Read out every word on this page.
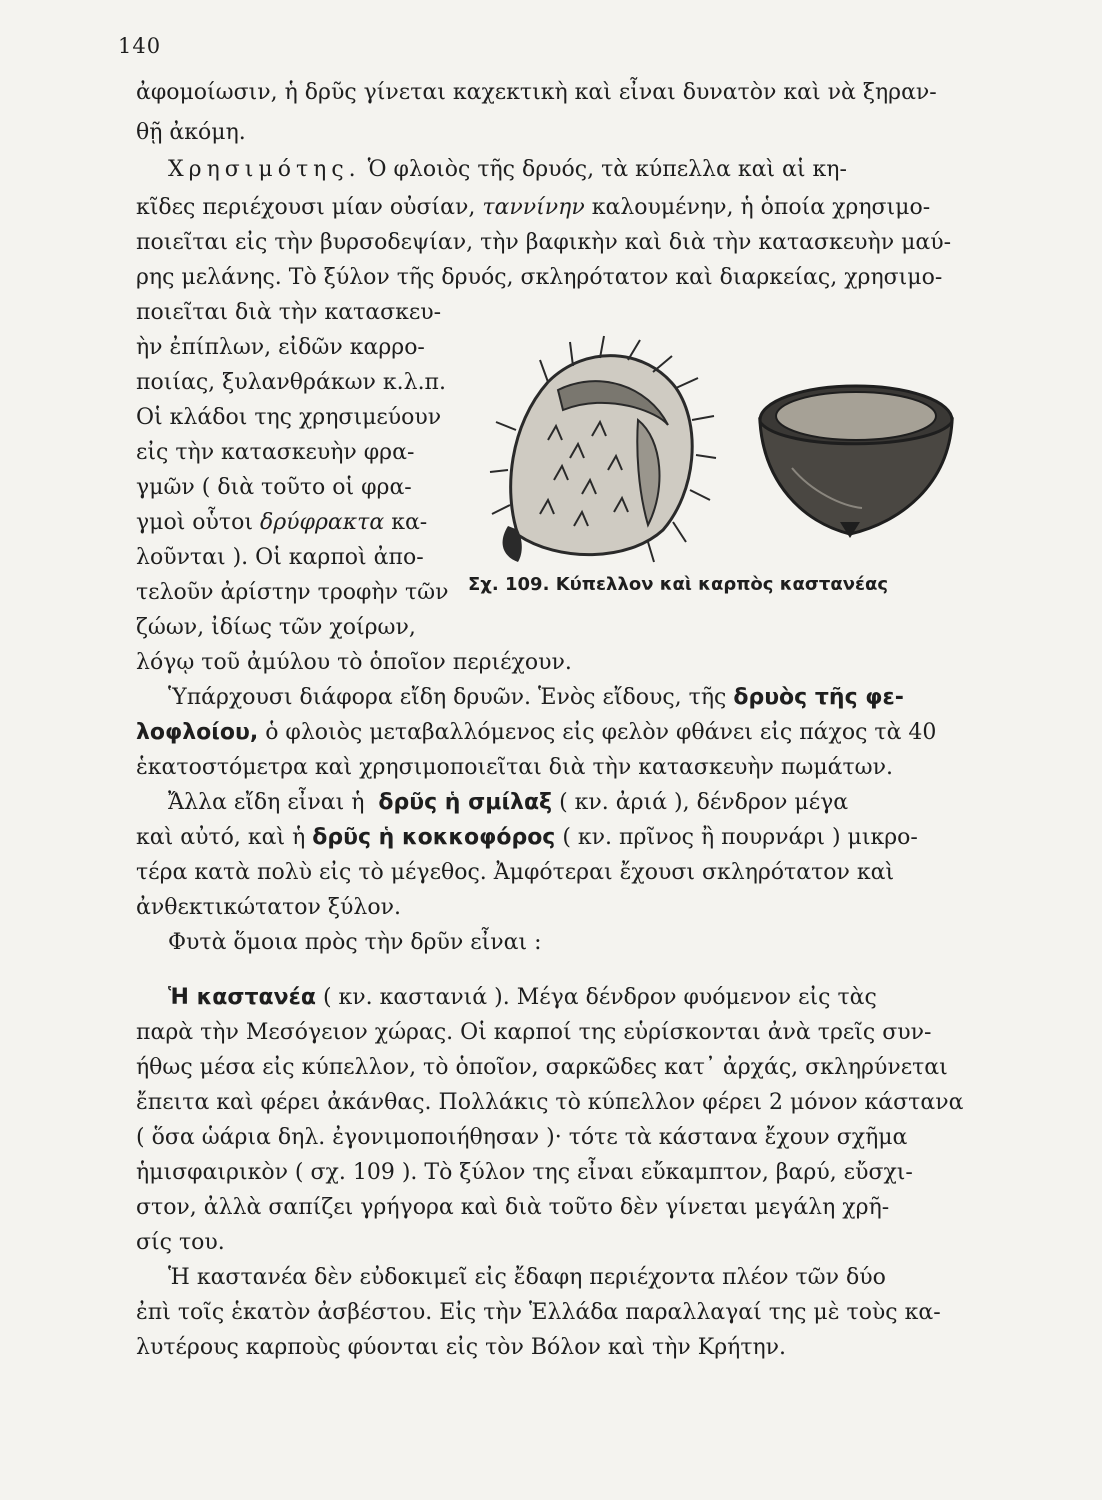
140
ἀφομοίωσιν, ἡ δρῦς γίνεται καχεκτικὴ καὶ εἶναι δυνατὸν καὶ νὰ ξηραν-
θῇ ἀκόμη.
Χρησιμότης. Ὁ φλοιὸς τῆς δρυός, τὰ κύπελλα καὶ αἱ κη-
κῖδες περιέχουσι μίαν οὐσίαν, ταννίνην καλουμένην, ἡ ὁποία χρησιμο-
ποιεῖται εἰς τὴν βυρσοδεψίαν, τὴν βαφικὴν καὶ διὰ τὴν κατασκευὴν μαύ-
ρης μελάνης. Τὸ ξύλον τῆς δρυός, σκληρότατον καὶ διαρκείας, χρησιμο-
ποιεῖται διὰ τὴν κατασκευ-
ὴν ἐπίπλων, εἰδῶν καρρο-
ποιίας, ξυλανθράκων κ.λ.π.
Οἱ κλάδοι της χρησιμεύουν
εἰς τὴν κατασκευὴν φρα-
γμῶν ( διὰ τοῦτο οἱ φρα-
γμοὶ οὗτοι δρύφρακτα κα-
λοῦνται ). Οἱ καρποὶ ἀπο-
τελοῦν ἀρίστην τροφὴν τῶν
ζώων, ἰδίως τῶν χοίρων,
λόγῳ τοῦ ἀμύλου τὸ ὁποῖον περιέχουν.
Ὑπάρχουσι διάφορα εἴδη δρυῶν. Ἑνὸς εἴδους, τῆς δρυὸς τῆς φε-
λοφλοίου, ὁ φλοιὸς μεταβαλλόμενος εἰς φελὸν φθάνει εἰς πάχος τὰ 40
ἑκατοστόμετρα καὶ χρησιμοποιεῖται διὰ τὴν κατασκευὴν πωμάτων.
Ἄλλα εἴδη εἶναι ἡ δρῦς ἡ σμίλαξ ( κν. ἀριά ), δένδρον μέγα
καὶ αὐτό, καὶ ἡ δρῦς ἡ κοκκοφόρος ( κν. πρῖνος ἢ πουρνάρι ) μικρο-
τέρα κατὰ πολὺ εἰς τὸ μέγεθος. Ἀμφότεραι ἔχουσι σκληρότατον καὶ
ἀνθεκτικώτατον ξύλον.
Φυτὰ ὅμοια πρὸς τὴν δρῦν εἶναι :
Ἡ καστανέα ( κν. καστανιά ). Μέγα δένδρον φυόμενον εἰς τὰς
παρὰ τὴν Μεσόγειον χώρας. Οἱ καρποί της εὑρίσκονται ἀνὰ τρεῖς συν-
ήθως μέσα εἰς κύπελλον, τὸ ὁποῖον, σαρκῶδες κατ᾽ ἀρχάς, σκληρύνεται
ἔπειτα καὶ φέρει ἀκάνθας. Πολλάκις τὸ κύπελλον φέρει 2 μόνον κάστανα
( ὅσα ὡάρια δηλ. ἐγονιμοποιήθησαν )· τότε τὰ κάστανα ἔχουν σχῆμα
ἡμισφαιρικὸν ( σχ. 109 ). Τὸ ξύλον της εἶναι εὔκαμπτον, βαρύ, εὔσχι-
στον, ἀλλὰ σαπίζει γρήγορα καὶ διὰ τοῦτο δὲν γίνεται μεγάλη χρῆ-
σίς του.
Ἡ καστανέα δὲν εὐδοκιμεῖ εἰς ἔδαφη περιέχοντα πλέον τῶν δύο
ἐπὶ τοῖς ἑκατὸν ἀσβέστου. Εἰς τὴν Ἑλλάδα παραλλαγαί της μὲ τοὺς κα-
λυτέρους καρποὺς φύονται εἰς τὸν Βόλον καὶ τὴν Κρήτην.
Σχ. 109. Κύπελλον καὶ καρπὸς καστανέας
